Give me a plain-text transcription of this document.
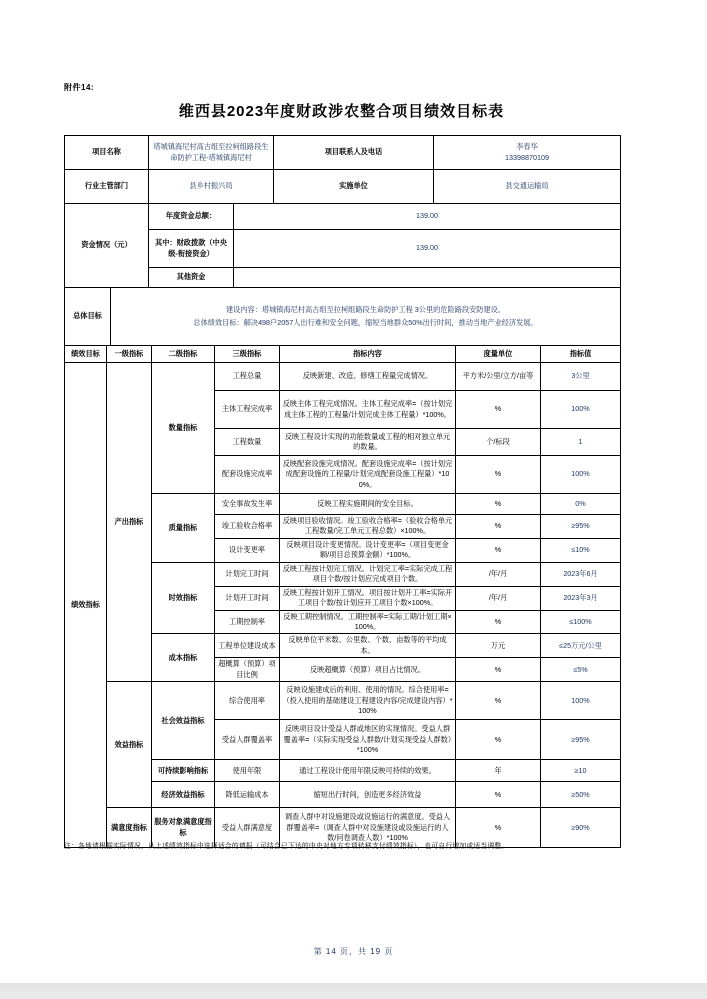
附件14:
维西县2023年度财政涉农整合项目绩效目标表
项目名称	塔城镇海尼村高古组至拉柯组路段生命防护工程-塔城镇海尼村	项目联系人及电话	李春华
13398870109

行业主管部门	县乡村振兴局	实施单位	县交通运输局
资金情况（元）	年度资金总额：	139.00
	其中：财政拨款（中央级-衔接资金）	139.00
	其他资金	
总体目标	
建设内容：塔城镇海尼村高古组至拉柯组路段生命防护工程 3公里的危险路段安防建设。
总体绩效目标：解决498户2057人出行难和安全问题，缩短当地群众50%出行时间，推动当地产业经济发展。
绩效目标	一级指标	二级指标	三级指标	指标内容	度量单位	指标值
绩效指标	产出指标	数量指标	工程总量	反映新建、改造、修缮工程量完成情况。	平方米/公里/立方/亩等	3公里
			主体工程完成率	反映主体工程完成情况。主体工程完成率=（按计划完成主体工程的工程量/计划完成主体工程量）*100%。	%	100%
			工程数量	反映工程设计实现的功能数量或工程的相对独立单元的数量。	个/标段	1
			配套设施完成率	反映配套设施完成情况。配套设施完成率=（按计划完成配套设施的工程量/计划完成配套设施工程量）*100%。	%	100%
		质量指标	安全事故发生率	反映工程实施期间的安全目标。	%	0%
			竣工验收合格率	反映项目验收情况。竣工验收合格率=（验收合格单元工程数量/完工单元工程总数）×100%。	%	≥95%
			设计变更率	反映项目设计变更情况。设计变更率=（项目变更金额/项目总预算金额）*100%。	%	≤10%
		时效指标	计划完工时间	反映工程按计划完工情况。计划完工率=实际完成工程项目个数/按计划应完成项目个数。	/年/月	2023年6月
			计划开工时间	反映工程按计划开工情况。项目按计划开工率=实际开工项目个数/按计划应开工项目个数×100%。	/年/月	2023年3月
			工期控制率	反映工期控制情况。工期控制率=实际工期/计划工期×100%。	%	≤100%
		成本指标	工程单位建设成本	反映单位平米数、公里数、个数、亩数等的平均成本。	万元	≤25万元/公里
			超概算（预算）项目比例	反映超概算（预算）项目占比情况。	%	≤5%
	效益指标	社会效益指标	综合使用率	反映设施建成后的利用、使用的情况。综合使用率=（投入使用的基础建设工程建设内容/完成建设内容）*100%	%	100%
			受益人群覆盖率	反映项目设计受益人群或地区的实现情况。受益人群覆盖率=（实际实现受益人群数/计划实现受益人群数）*100%	%	≥95%
		可持续影响指标	使用年限	通过工程设计使用年限反映可持续的效果。	年	≥10
		经济效益指标	降低运输成本	缩短出行时间，创造更多经济效益	%	≥50%
	满意度指标	服务对象满意度指标	受益人群满意度	调查人群中对设施建设或设施运行的满意度。受益人群覆盖率=（调查人群中对设施建设或设施运行的人数/问卷调查人数）*100%	%	≥90%
注：各地请根据实际情况，从上述绩效指标中选择适合的填报（可结合已下达的中央对地方专项转移支付绩效指标），也可自行增加或适当调整。
第 14 页，共 19 页
